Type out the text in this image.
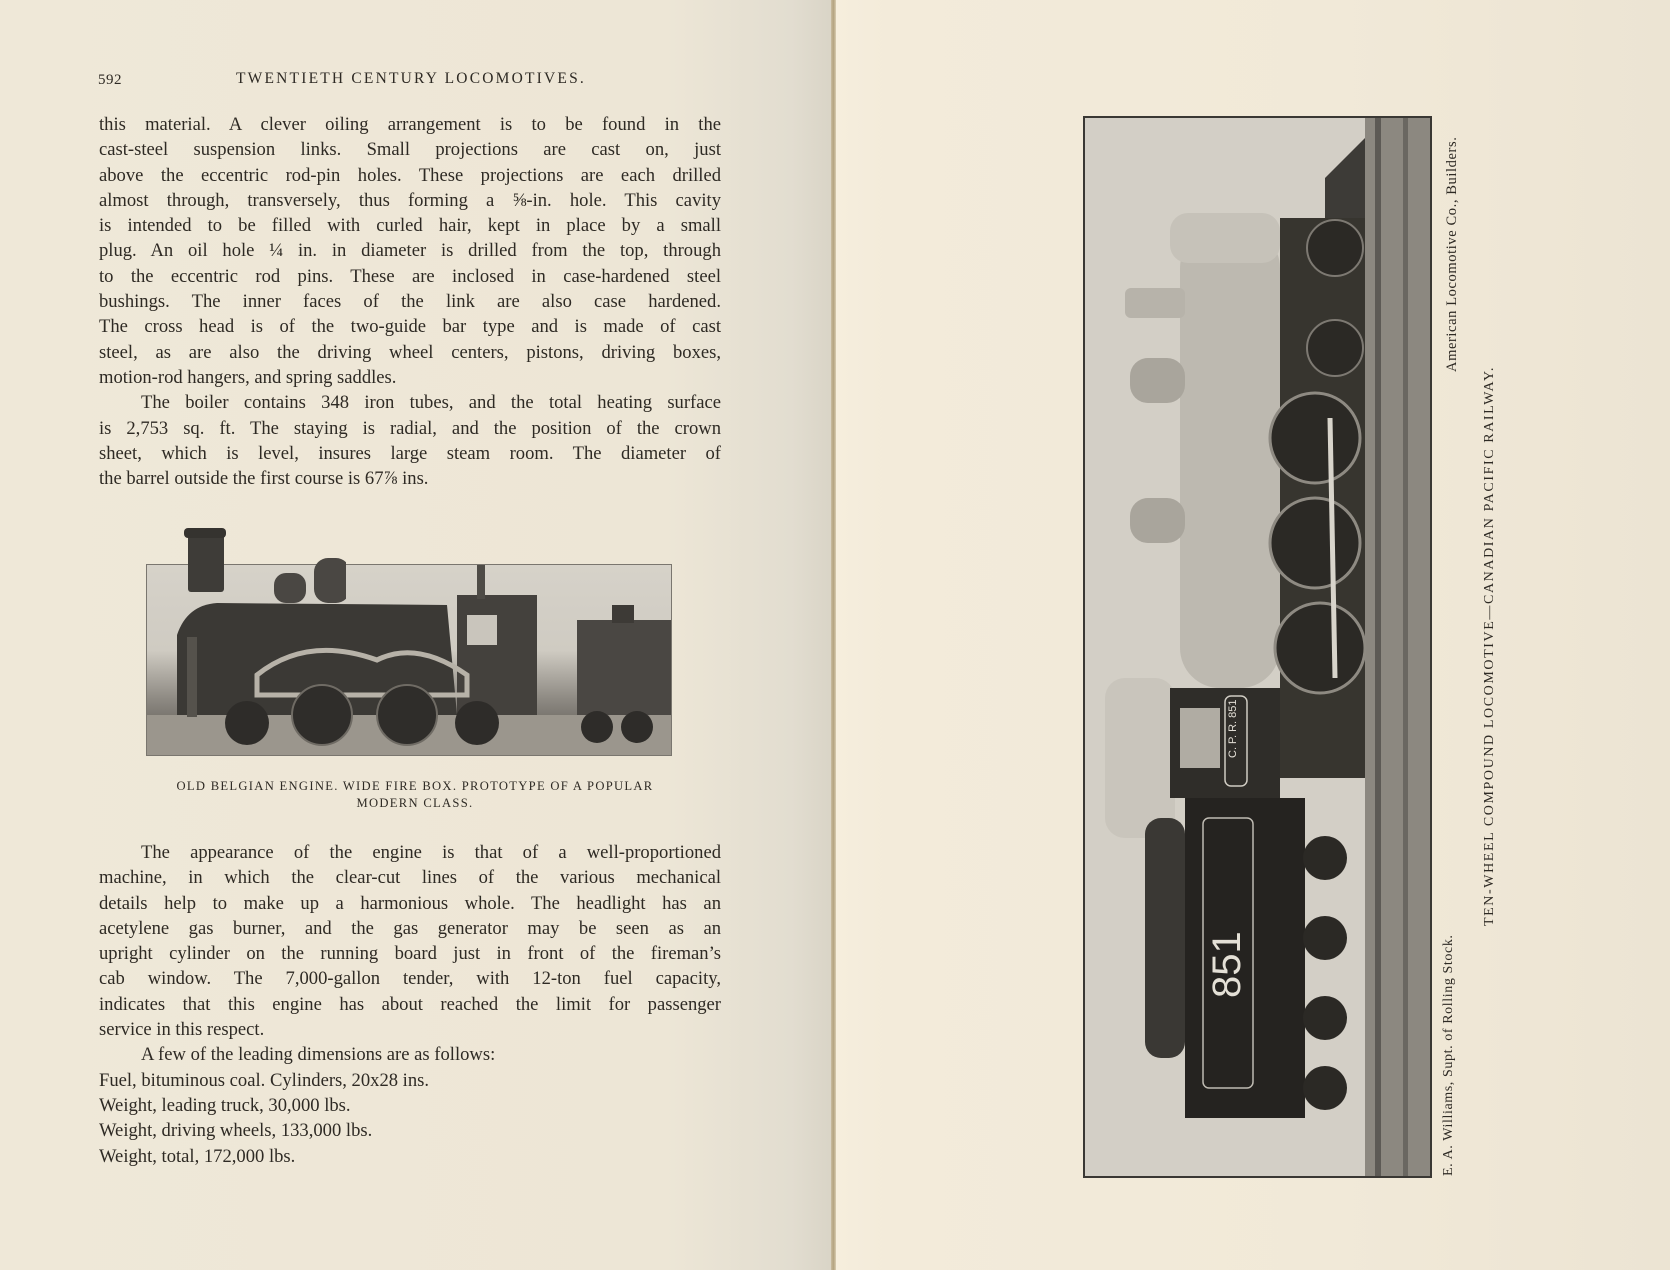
592	TWENTIETH CENTURY LOCOMOTIVES.
this material. A clever oiling arrangement is to be found in the
cast-steel suspension links. Small projections are cast on, just
above the eccentric rod-pin holes. These projections are each drilled
almost through, transversely, thus forming a ⅝-in. hole. This cavity
is intended to be filled with curled hair, kept in place by a small
plug. An oil hole ¼ in. in diameter is drilled from the top, through
to the eccentric rod pins. These are inclosed in case-hardened steel
bushings. The inner faces of the link are also case hardened.
The cross head is of the two-guide bar type and is made of cast
steel, as are also the driving wheel centers, pistons, driving boxes,
motion-rod hangers, and spring saddles.
The boiler contains 348 iron tubes, and the total heating surface
is 2,753 sq. ft. The staying is radial, and the position of the crown
sheet, which is level, insures large steam room. The diameter of
the barrel outside the first course is 67⅞ ins.
OLD BELGIAN ENGINE. WIDE FIRE BOX. PROTOTYPE OF A POPULAR
MODERN CLASS.
The appearance of the engine is that of a well-proportioned
machine, in which the clear-cut lines of the various mechanical
details help to make up a harmonious whole. The headlight has an
acetylene gas burner, and the gas generator may be seen as an
upright cylinder on the running board just in front of the fireman’s
cab window. The 7,000-gallon tender, with 12-ton fuel capacity,
indicates that this engine has about reached the limit for passenger
service in this respect.
A few of the leading dimensions are as follows:
Fuel, bituminous coal. Cylinders, 20x28 ins.
Weight, leading truck, 30,000 lbs.
Weight, driving wheels, 133,000 lbs.
Weight, total, 172,000 lbs.
C. P. R. 851
851
American Locomotive Co., Builders.
TEN-WHEEL COMPOUND LOCOMOTIVE—CANADIAN PACIFIC RAILWAY.
E. A. Williams, Supt. of Rolling Stock.
